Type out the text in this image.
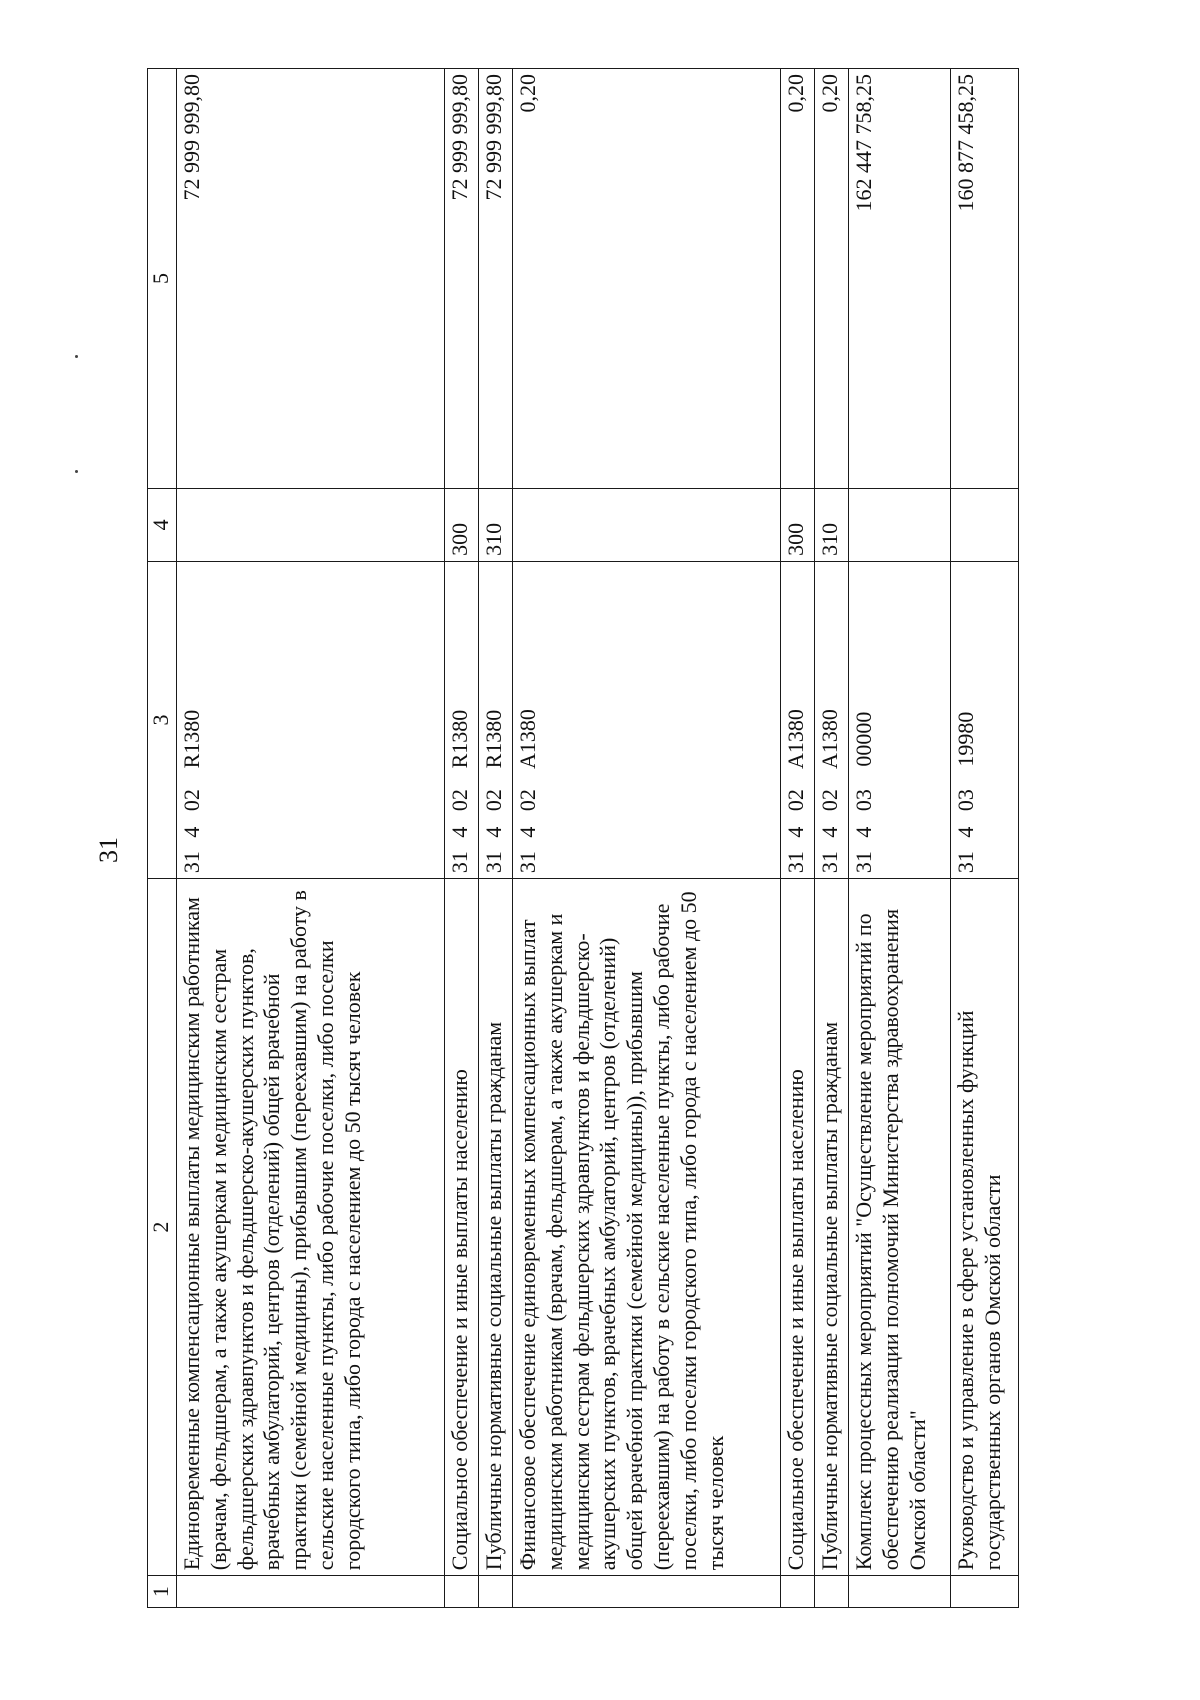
31
1	2	3	4	5
	Единовременные компенсационные выплаты медицинским работникам (врачам, фельдшерам, а также акушеркам и медицинским сестрам фельдшерских здравпунктов и фельдшерско-акушерских пунктов, врачебных амбулаторий, центров (отделений) общей врачебной практики (семейной медицины), прибывшим (переехавшим) на работу в сельские населенные пункты, либо рабочие поселки, либо поселки городского типа, либо города с населением до 50 тысяч человек	31402R1380		72 999 999,80
	Социальное обеспечение и иные выплаты населению	31402R1380	300	72 999 999,80
	Публичные нормативные социальные выплаты гражданам	31402R1380	310	72 999 999,80
	Финансовое обеспечение единовременных компенсационных выплат медицинским работникам (врачам, фельдшерам, а также акушеркам и медицинским сестрам фельдшерских здравпунктов и фельдшерско-акушерских пунктов, врачебных амбулаторий, центров (отделений) общей врачебной практики (семейной медицины)), прибывшим (переехавшим) на работу в сельские населенные пункты, либо рабочие поселки, либо поселки городского типа, либо города с населением до 50 тысяч человек	31402A1380		0,20
	Социальное обеспечение и иные выплаты населению	31402A1380	300	0,20
	Публичные нормативные социальные выплаты гражданам	31402A1380	310	0,20
	Комплекс процессных мероприятий "Осуществление мероприятий по обеспечению реализации полномочий Министерства здравоохранения Омской области"	3140300000		162 447 758,25
	Руководство и управление в сфере установленных функций государственных органов Омской области	3140319980		160 877 458,25
